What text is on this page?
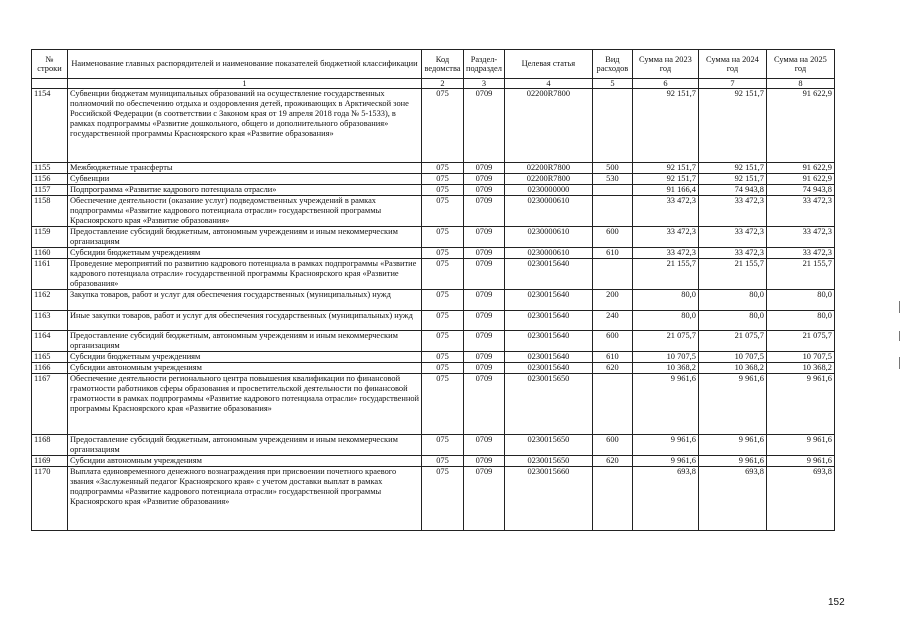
№ строки	Наименование главных распорядителей и наименование показателей бюджетной классификации	Код ведомства	Раздел-подраздел	Целевая статья	Вид расходов	Сумма на 2023 год	Сумма на 2024 год	Сумма на 2025 год
	1	2	3	4	5	6	7	8
1154	Субвенции бюджетам муниципальных образований на осуществление государственных полномочий по обеспечению отдыха и оздоровления детей, проживающих в Арктической зоне Российской Федерации (в соответствии с Законом края от 19 апреля 2018 года № 5-1533), в рамках подпрограммы «Развитие дошкольного, общего и дополнительного образования» государственной программы Красноярского края «Развитие образования»	075	0709	02200R7800		92 151,7	92 151,7	91 622,9
1155	Межбюджетные трансферты	075	0709	02200R7800	500	92 151,7	92 151,7	91 622,9
1156	Субвенции	075	0709	02200R7800	530	92 151,7	92 151,7	91 622,9
1157	Подпрограмма «Развитие кадрового потенциала отрасли»	075	0709	0230000000		91 166,4	74 943,8	74 943,8
1158	Обеспечение деятельности (оказание услуг) подведомственных учреждений в рамках подпрограммы «Развитие кадрового потенциала отрасли» государственной программы Красноярского края «Развитие образования»	075	0709	0230000610		33 472,3	33 472,3	33 472,3
1159	Предоставление субсидий бюджетным, автономным учреждениям и иным некоммерческим организациям	075	0709	0230000610	600	33 472,3	33 472,3	33 472,3
1160	Субсидии бюджетным учреждениям	075	0709	0230000610	610	33 472,3	33 472,3	33 472,3
1161	Проведение мероприятий по развитию кадрового потенциала в рамках подпрограммы «Развитие кадрового потенциала отрасли» государственной программы Красноярского края «Развитие образования»	075	0709	0230015640		21 155,7	21 155,7	21 155,7
1162	Закупка товаров, работ и услуг для обеспечения государственных (муниципальных) нужд	075	0709	0230015640	200	80,0	80,0	80,0
1163	Иные закупки товаров, работ и услуг для обеспечения государственных (муниципальных) нужд	075	0709	0230015640	240	80,0	80,0	80,0
1164	Предоставление субсидий бюджетным, автономным учреждениям и иным некоммерческим организациям	075	0709	0230015640	600	21 075,7	21 075,7	21 075,7
1165	Субсидии бюджетным учреждениям	075	0709	0230015640	610	10 707,5	10 707,5	10 707,5
1166	Субсидии автономным учреждениям	075	0709	0230015640	620	10 368,2	10 368,2	10 368,2
1167	Обеспечение деятельности регионального центра повышения квалификации по финансовой грамотности работников сферы образования и просветительской деятельности по финансовой грамотности в рамках подпрограммы «Развитие кадрового потенциала отрасли» государственной программы Красноярского края «Развитие образования»	075	0709	0230015650		9 961,6	9 961,6	9 961,6
1168	Предоставление субсидий бюджетным, автономным учреждениям и иным некоммерческим организациям	075	0709	0230015650	600	9 961,6	9 961,6	9 961,6
1169	Субсидии автономным учреждениям	075	0709	0230015650	620	9 961,6	9 961,6	9 961,6
1170	Выплата единовременного денежного вознаграждения при присвоении почетного краевого звания «Заслуженный педагог Красноярского края» с учетом доставки выплат в рамках подпрограммы «Развитие кадрового потенциала отрасли» государственной программы Красноярского края «Развитие образования»	075	0709	0230015660		693,8	693,8	693,8
152
